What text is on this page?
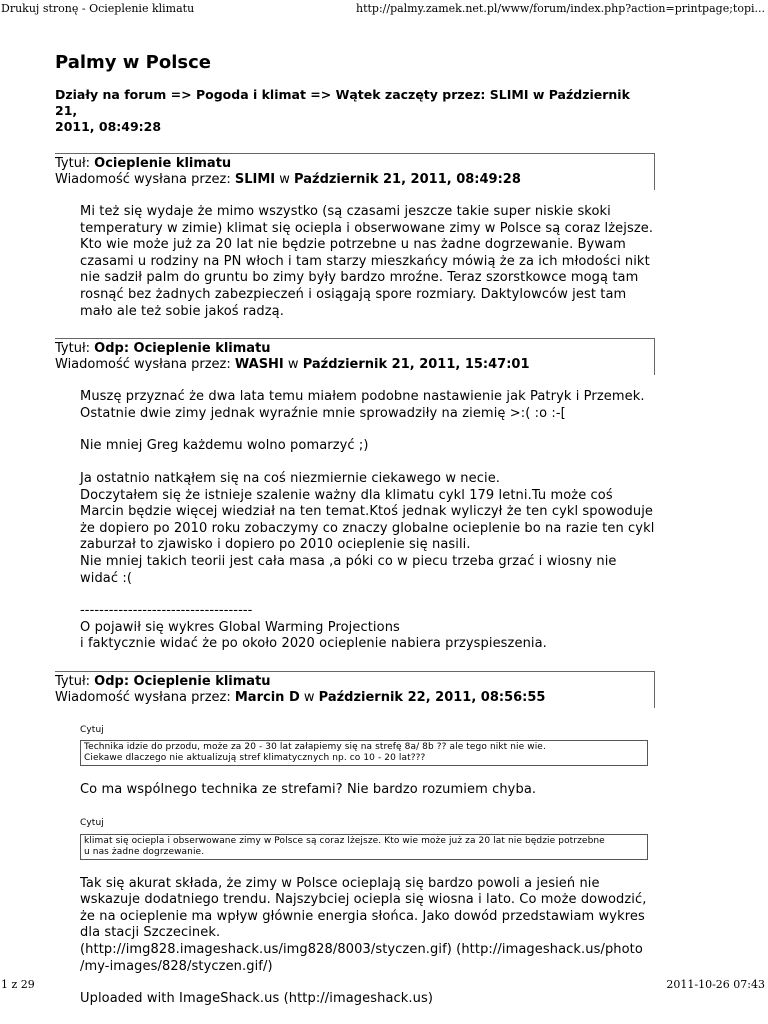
Drukuj stronę - Ocieplenie klimatu	http://palmy.zamek.net.pl/www/forum/index.php?action=printpage;topi...
Palmy w Polsce
Działy na forum => Pogoda i klimat => Wątek zaczęty przez: SLIMI w Październik 21,
2011, 08:49:28
Tytuł: Ocieplenie klimatu
Wiadomość wysłana przez: SLIMI w Październik 21, 2011, 08:49:28

Mi też się wydaje że mimo wszystko (są czasami jeszcze takie super niskie skoki
temperatury w zimie) klimat się ociepla i obserwowane zimy w Polsce są coraz lżejsze.
Kto wie może już za 20 lat nie będzie potrzebne u nas żadne dogrzewanie. Bywam
czasami u rodziny na PN włoch i tam starzy mieszkańcy mówią że za ich młodości nikt
nie sadził palm do gruntu bo zimy były bardzo mroźne. Teraz szorstkowce mogą tam
rosnąć bez żadnych zabezpieczeń i osiągają spore rozmiary. Daktylowców jest tam
mało ale też sobie jakoś radzą.

Tytuł: Odp: Ocieplenie klimatu
Wiadomość wysłana przez: WASHI w Październik 21, 2011, 15:47:01

Muszę przyznać że dwa lata temu miałem podobne nastawienie jak Patryk i Przemek.
Ostatnie dwie zimy jednak wyraźnie mnie sprowadziły na ziemię >:( :o :-[

Nie mniej Greg każdemu wolno pomarzyć ;)

Ja ostatnio natkąłem się na coś niezmiernie ciekawego w necie.
Doczytałem się że istnieje szalenie ważny dla klimatu cykl 179 letni.Tu może coś
Marcin będzie więcej wiedział na ten temat.Ktoś jednak wyliczył że ten cykl spowoduje
że dopiero po 2010 roku zobaczymy co znaczy globalne ocieplenie bo na razie ten cykl
zaburzał to zjawisko i dopiero po 2010 ocieplenie się nasili.
Nie mniej takich teorii jest cała masa ,a póki co w piecu trzeba grzać i wiosny nie
widać :(

------------------------------------
O pojawił się wykres Global Warming Projections
i faktycznie widać że po około 2020 ocieplenie nabiera przyspieszenia.

Tytuł: Odp: Ocieplenie klimatu
Wiadomość wysłana przez: Marcin D w Październik 22, 2011, 08:56:55
Cytuj
Technika idzie do przodu, może za 20 - 30 lat załapiemy się na strefę 8a/ 8b ?? ale tego nikt nie wie.
Ciekawe dlaczego nie aktualizują stref klimatycznych np. co 10 - 20 lat???

Co ma wspólnego technika ze strefami? Nie bardzo rozumiem chyba.

Cytuj
klimat się ociepla i obserwowane zimy w Polsce są coraz lżejsze. Kto wie może już za 20 lat nie będzie potrzebne
u nas żadne dogrzewanie.

Tak się akurat składa, że zimy w Polsce ocieplają się bardzo powoli a jesień nie
wskazuje dodatniego trendu. Najszybciej ociepla się wiosna i lato. Co może dowodzić,
że na ocieplenie ma wpływ głównie energia słońca. Jako dowód przedstawiam wykres
dla stacji Szczecinek.
(http://img828.imageshack.us/img828/8003/styczen.gif) (http://imageshack.us/photo
/my-images/828/styczen.gif/)

Uploaded with ImageShack.us (http://imageshack.us)

1 z 29	2011-10-26 07:43
